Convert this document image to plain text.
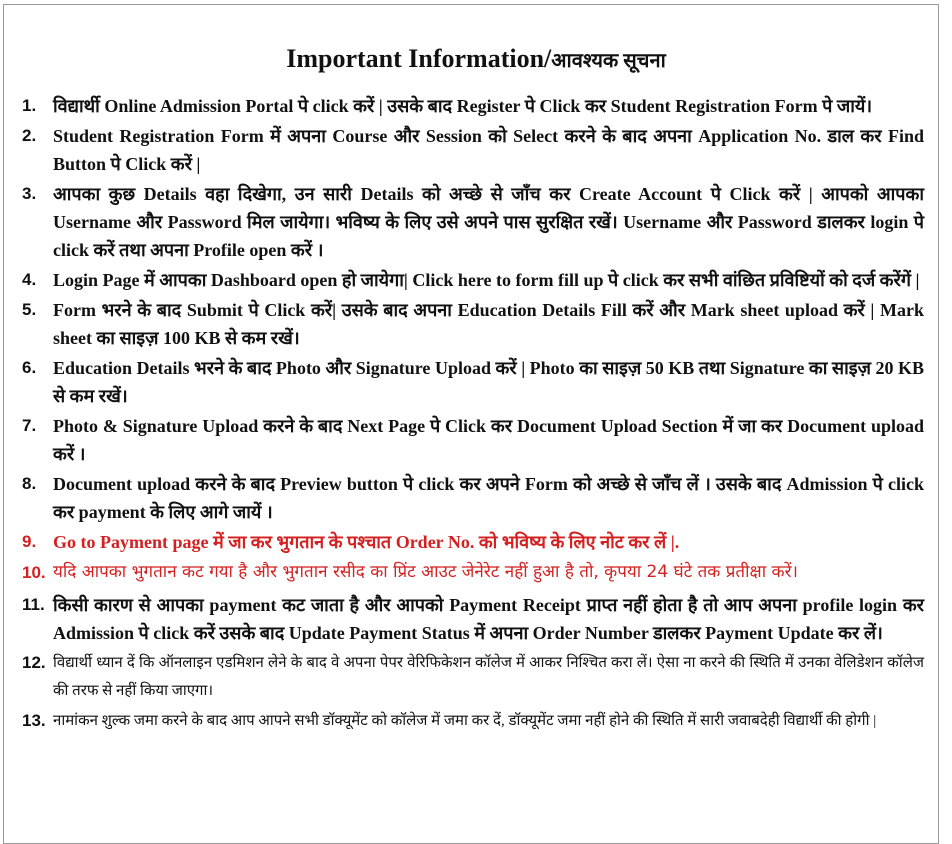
Important Information/आवश्यक सूचना
1. विद्यार्थी Online Admission Portal पे click करें | उसके बाद Register पे Click कर Student Registration Form पे जायें।
2. Student Registration Form में अपना Course और Session को Select करने के बाद अपना Application No. डाल कर Find Button पे Click करें |
3. आपका कुछ Details वहा दिखेगा, उन सारी Details को अच्छे से जाँच कर Create Account पे Click करें | आपको आपका Username और Password मिल जायेगा। भविष्य के लिए उसे अपने पास सुरक्षित रखें। Username और Password डालकर login पे click करें तथा अपना Profile open करें ।
4. Login Page में आपका Dashboard open हो जायेगा| Click here to form fill up पे click कर सभी वांछित प्रविष्टियों को दर्ज करेंगें |
5. Form भरने के बाद Submit पे Click करें| उसके बाद अपना Education Details Fill करें और Mark sheet upload करें | Mark sheet का साइज़ 100 KB से कम रखें।
6. Education Details भरने के बाद Photo और Signature Upload करें | Photo का साइज़ 50 KB तथा Signature का साइज़ 20 KB से कम रखें।
7. Photo & Signature Upload करने के बाद Next Page पे Click कर Document Upload Section में जा कर Document upload करें ।
8. Document upload करने के बाद Preview button पे click कर अपने Form को अच्छे से जाँच लें । उसके बाद Admission पे click कर payment के लिए आगे जायें ।
9. Go to Payment page में जा कर भुगतान के पश्चात Order No. को भविष्य के लिए नोट कर लें |.
10. यदि आपका भुगतान कट गया है और भुगतान रसीद का प्रिंट आउट जेनेरेट नहीं हुआ है तो, कृपया 24 घंटे तक प्रतीक्षा करें।
11. किसी कारण से आपका payment कट जाता है और आपको Payment Receipt प्राप्त नहीं होता है तो आप अपना profile login कर Admission पे click करें उसके बाद Update Payment Status में अपना Order Number डालकर Payment Update कर लें।
12. विद्यार्थी ध्यान दें कि ऑनलाइन एडमिशन लेने के बाद वे अपना पेपर वेरिफिकेशन कॉलेज में आकर निश्चित करा लें। ऐसा ना करने की स्थिति में उनका वेलिडेशन कॉलेज की तरफ से नहीं किया जाएगा।
13. नामांकन शुल्क जमा करने के बाद आप आपने सभी डॉक्यूमेंट को कॉलेज में जमा कर दें, डॉक्यूमेंट जमा नहीं होने की स्थिति में सारी जवाबदेही विद्यार्थी की होगी |
